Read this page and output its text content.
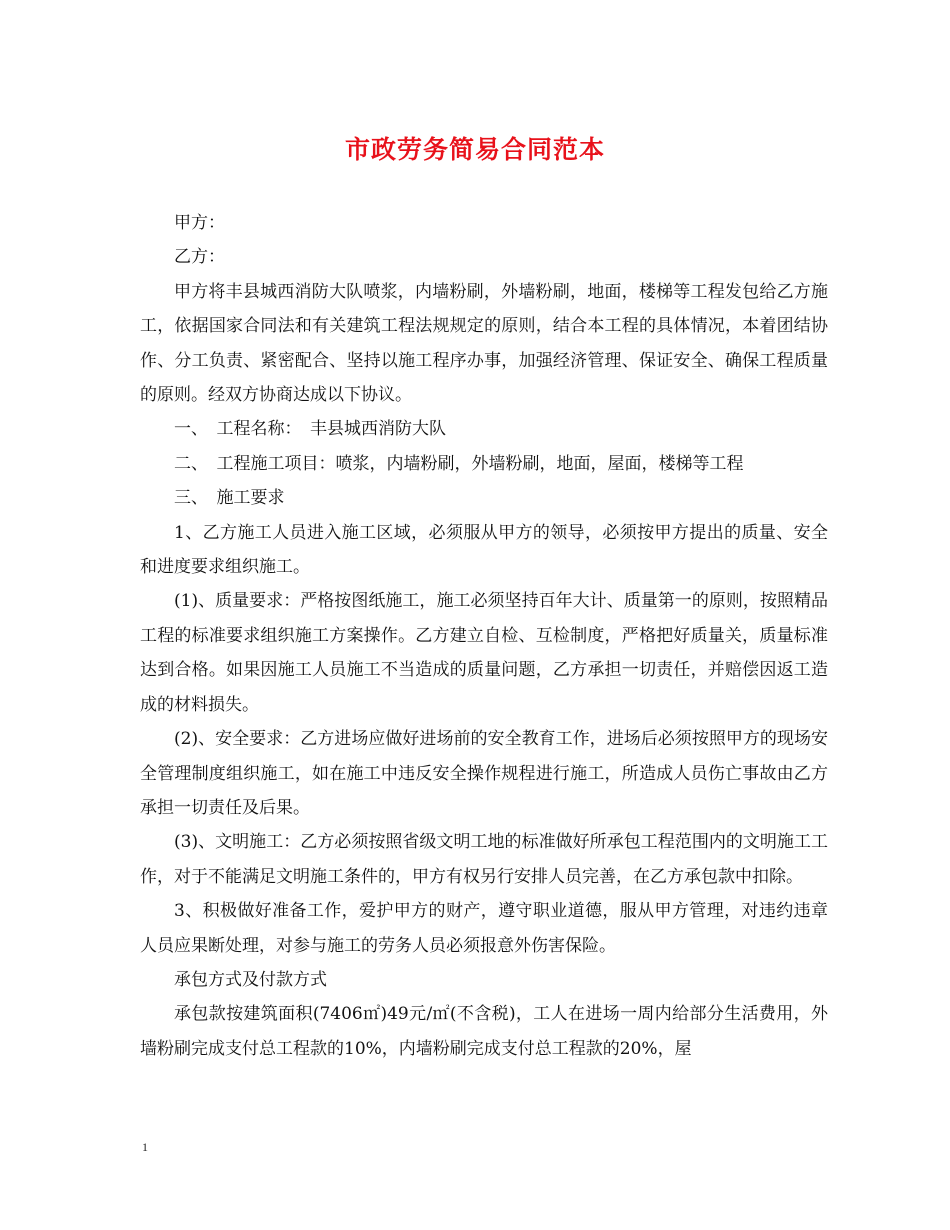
市政劳务简易合同范本

甲方：

乙方：

甲方将丰县城西消防大队喷浆，内墙粉刷，外墙粉刷，地面，楼梯等工程发包给乙方施工，依据国家合同法和有关建筑工程法规规定的原则，结合本工程的具体情况，本着团结协作、分工负责、紧密配合、坚持以施工程序办事，加强经济管理、保证安全、确保工程质量的原则。经双方协商达成以下协议。

一、　工程名称：　丰县城西消防大队

二、　工程施工项目：喷浆，内墙粉刷，外墙粉刷，地面，屋面，楼梯等工程

三、　施工要求

1、乙方施工人员进入施工区域，必须服从甲方的领导，必须按甲方提出的质量、安全和进度要求组织施工。

(1)、质量要求：严格按图纸施工，施工必须坚持百年大计、质量第一的原则，按照精品工程的标准要求组织施工方案操作。乙方建立自检、互检制度，严格把好质量关，质量标准达到合格。如果因施工人员施工不当造成的质量问题，乙方承担一切责任，并赔偿因返工造成的材料损失。

(2)、安全要求：乙方进场应做好进场前的安全教育工作，进场后必须按照甲方的现场安全管理制度组织施工，如在施工中违反安全操作规程进行施工，所造成人员伤亡事故由乙方承担一切责任及后果。

(3)、文明施工：乙方必须按照省级文明工地的标准做好所承包工程范围内的文明施工工作，对于不能满足文明施工条件的，甲方有权另行安排人员完善，在乙方承包款中扣除。

3、积极做好准备工作，爱护甲方的财产，遵守职业道德，服从甲方管理，对违约违章人员应果断处理，对参与施工的劳务人员必须报意外伤害保险。

承包方式及付款方式

承包款按建筑面积(7406㎡)49元/㎡(不含税)，工人在进场一周内给部分生活费用，外墙粉刷完成支付总工程款的10%，内墙粉刷完成支付总工程款的20%，屋

1
